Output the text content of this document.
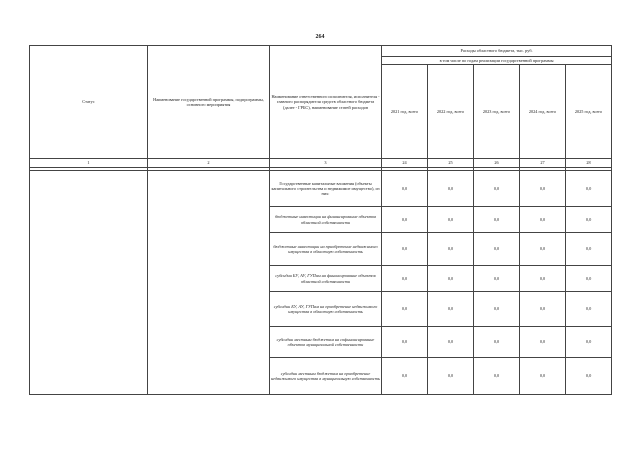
264
Статус	Наименование государственной программы, подпрограммы, основного мероприятия	Наименование ответственного исполнителя, исполнителя - главного распорядителя средств областного бюджета (далее - ГРБС), наименование статей расходов	Расходы областного бюджета, тыс. руб.				
			в том числе по годам реализации государственной программы				
			2021 год, всего	2022 год, всего	2023 год, всего	2024 год, всего	2025 год, всего
1	2	3	24	25	26	27	28

		Государственные капитальные вложения (объекты капитального строительства и недвижимое имущество), из них:	0,0	0,0	0,0	0,0	0,0
		бюджетные инвестиции на финансирование объектов областной собственности	0,0	0,0	0,0	0,0	0,0
		бюджетные инвестиции на приобретение недвижимого имущества в областную собственность	0,0	0,0	0,0	0,0	0,0
		субсидии БУ, АУ, ГУПам на финансирование объектов областной собственности	0,0	0,0	0,0	0,0	0,0
		субсидии БУ, АУ, ГУПам на приобретение недвижимого имущества в областную собственность	0,0	0,0	0,0	0,0	0,0
		субсидии местным бюджетам на софинансирование объектов муниципальной собственности	0,0	0,0	0,0	0,0	0,0
		субсидии местным бюджетам на приобретение недвижимого имущества в муниципальную собственность	0,0	0,0	0,0	0,0	0,0
